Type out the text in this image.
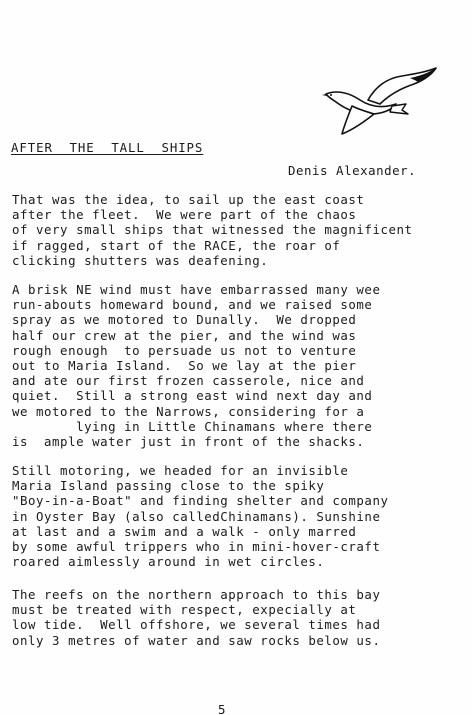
AFTER  THE  TALL  SHIPS
Denis Alexander.

That was the idea, to sail up the east coast
after the fleet.  We were part of the chaos
of very small ships that witnessed the magnificent
if ragged, start of the RACE, the roar of
clicking shutters was deafening.

A brisk NE wind must have embarrassed many wee
run-abouts homeward bound, and we raised some
spray as we motored to Dunally.  We dropped
half our crew at the pier, and the wind was
rough enough  to persuade us not to venture
out to Maria Island.  So we lay at the pier
and ate our first frozen casserole, nice and
quiet.  Still a strong east wind next day and
we motored to the Narrows, considering for a
lying in Little Chinamans where there
is  ample water just in front of the shacks.

Still motoring, we headed for an invisible
Maria Island passing close to the spiky
"Boy-in-a-Boat" and finding shelter and company
in Oyster Bay (also calledChinamans). Sunshine
at last and a swim and a walk - only marred
by some awful trippers who in mini-hover-craft
roared aimlessly around in wet circles.

The reefs on the northern approach to this bay
must be treated with respect, expecially at
low tide.  Well offshore, we several times had
only 3 metres of water and saw rocks below us.

5
